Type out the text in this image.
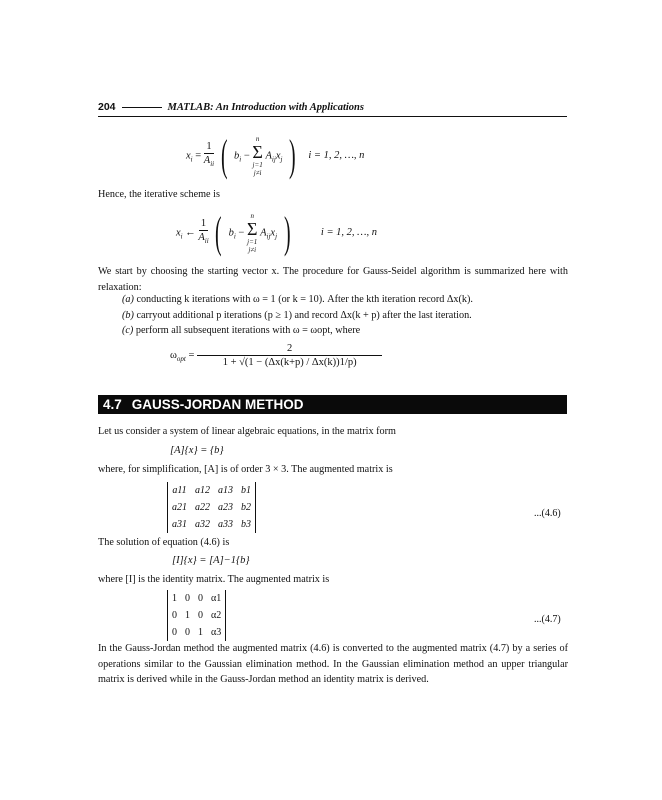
204	MATLAB: An Introduction with Applications
$x_i = \frac{1}{A_{ii}}$ ( $b_i$ −
n
Σ
j=1
j≠i
$A_{ij}x_j$ ) i = 1, 2, …, n
Hence, the iterative scheme is
$x_i$ ← $\frac{1}{A_{ii}}$ ( $b_i$ −
n
Σ
j=1
j≠i
$A_{ij}x_j$ )	i = 1, 2, …, n
We start by choosing the starting vector x. The procedure for Gauss-Seidel algorithm is summarized here with relaxation:
(a) conducting k iterations with ω = 1 (or k = 10). After the kth iteration record Δx(k).
(b) carryout additional p iterations (p ≥ 1) and record Δx(k + p) after the last iteration.
(c) perform all subsequent iterations with ω = ωopt, where
$\omega_{opt} = \frac{2}{1 + √(1 - (\Delta x(k+p) / \Delta x(k))1/p)}$
4.7 GAUSS-JORDAN METHOD
Let us consider a system of linear algebraic equations, in the matrix form
[A]{x} = {b}
where, for simplification, [A] is of order 3 × 3. The augmented matrix is
a11	a12	a13	b1
a21	a22	a23	b2
a31	a32	a33	b3
...(4.6)
The solution of equation (4.6) is
[I]{x} = [A]−1{b}
where [I] is the identity matrix. The augmented matrix is
1	0	0	α1
0	1	0	α2
0	0	1	α3
...(4.7)
In the Gauss-Jordan method the augmented matrix (4.6) is converted to the augmented matrix (4.7) by a series of operations similar to the Gaussian elimination method. In the Gaussian elimination method an upper triangular matrix is derived while in the Gauss-Jordan method an identity matrix is derived.
